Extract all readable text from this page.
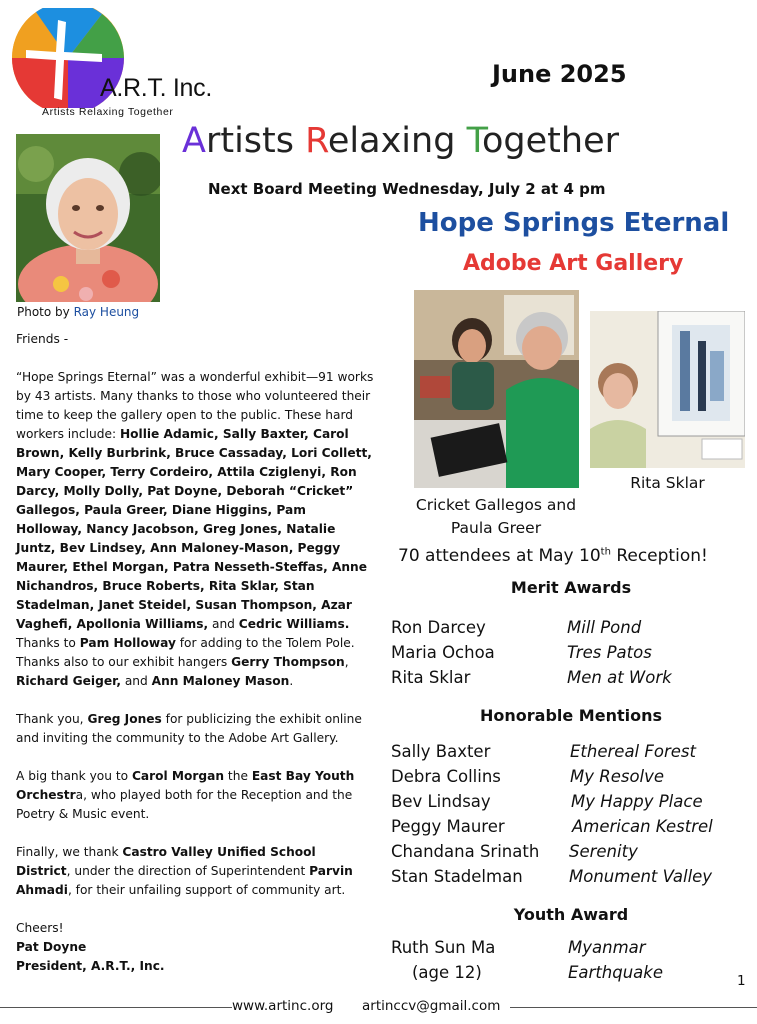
A.R.T. Inc.
Artists Relaxing Together
June 2025
Artists Relaxing Together
Next Board Meeting Wednesday, July 2 at 4 pm
Hope Springs Eternal
Adobe Art Gallery
Photo by Ray Heung
Cricket Gallegos and
Paula Greer
Rita Sklar
70 attendees at May 10th Reception!

Friends -

“Hope Springs Eternal” was a wonderful exhibit—91 works by 43 artists. Many thanks to those who volunteered their time to keep the gallery open to the public. These hard workers include: Hollie Adamic, Sally Baxter, Carol Brown, Kelly Burbrink, Bruce Cassaday, Lori Collett, Mary Cooper, Terry Cordeiro, Attila Cziglenyi, Ron Darcy, Molly Dolly, Pat Doyne, Deborah “Cricket” Gallegos, Paula Greer, Diane Higgins, Pam Holloway, Nancy Jacobson, Greg Jones, Natalie Juntz, Bev Lindsey, Ann Maloney-Mason, Peggy Maurer, Ethel Morgan, Patra Nesseth-Steffas, Anne Nichandros, Bruce Roberts, Rita Sklar, Stan Stadelman, Janet Steidel, Susan Thompson, Azar Vaghefi, Apollonia Williams, and Cedric Williams. Thanks to Pam Holloway for adding to the Tolem Pole. Thanks also to our exhibit hangers Gerry Thompson, Richard Geiger, and Ann Maloney Mason.

Thank you, Greg Jones for publicizing the exhibit online and inviting the community to the Adobe Art Gallery.

A big thank you to Carol Morgan the East Bay Youth Orchestra, who played both for the Reception and the Poetry & Music event.

Finally, we thank Castro Valley Unified School District, under the direction of Superintendent Parvin Ahmadi, for their unfailing support of community art.

Cheers!

Pat Doyne

President, A.R.T., Inc.

Merit Awards
Ron Darcey	Mill Pond
Maria Ochoa	Tres Patos
Rita Sklar	Men at Work
Honorable Mentions
Sally Baxter	Ethereal Forest
Debra Collins	My Resolve
Bev Lindsay	My Happy Place
Peggy Maurer	American Kestrel
Chandana Srinath Serenity
Stan Stadelman	Monument Valley
Youth Award
Ruth Sun Ma	Myanmar
(age 12)	Earthquake	1
www.artinc.org artinccv@gmail.com
